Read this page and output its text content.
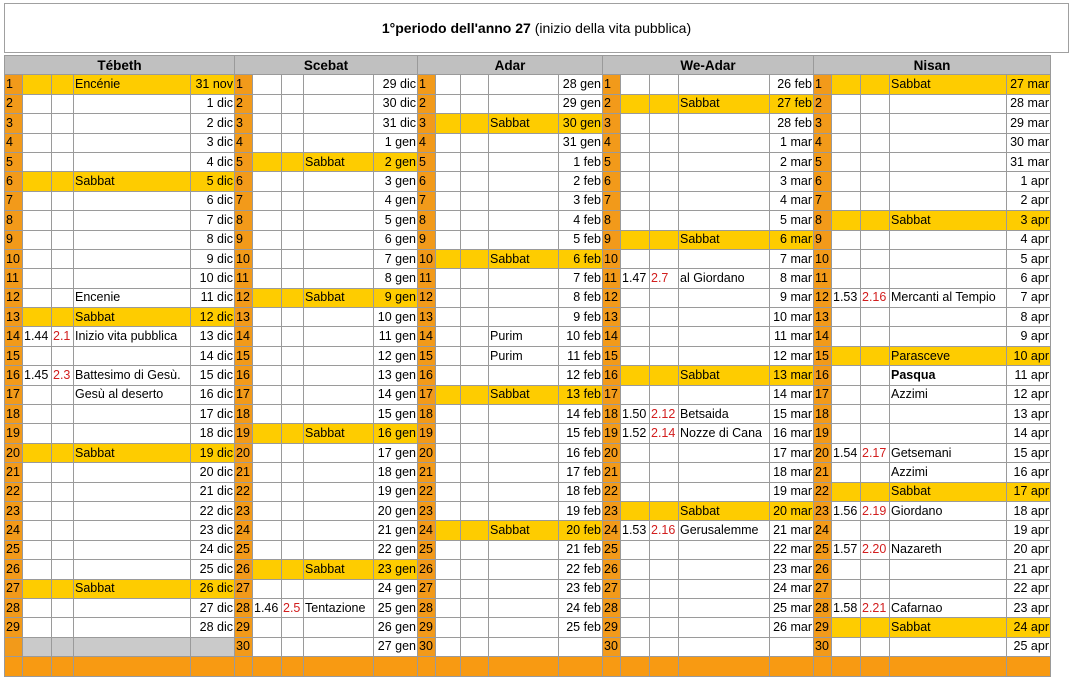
1°periodo dell'anno 27 (inizio della vita pubblica)
Tébeth					Scebat					Adar					We-Adar					Nisan				
1			Encénie	31 nov	1				29 dic	1				28 gen	1				26 feb	1			Sabbat	27 mar
2				1 dic	2				30 dic	2				29 gen	2			Sabbat	27 feb	2				28 mar
3				2 dic	3				31 dic	3			Sabbat	30 gen	3				28 feb	3				29 mar
4				3 dic	4				1 gen	4				31 gen	4				1 mar	4				30 mar
5				4 dic	5			Sabbat	2 gen	5				1 feb	5				2 mar	5				31 mar
6			Sabbat	5 dic	6				3 gen	6				2 feb	6				3 mar	6				1 apr
7				6 dic	7				4 gen	7				3 feb	7				4 mar	7				2 apr
8				7 dic	8				5 gen	8				4 feb	8				5 mar	8			Sabbat	3 apr
9				8 dic	9				6 gen	9				5 feb	9			Sabbat	6 mar	9				4 apr
10				9 dic	10				7 gen	10			Sabbat	6 feb	10				7 mar	10				5 apr
11				10 dic	11				8 gen	11				7 feb	11	1.47	2.7	al Giordano	8 mar	11				6 apr
12			Encenie	11 dic	12			Sabbat	9 gen	12				8 feb	12				9 mar	12	1.53	2.16	Mercanti al Tempio	7 apr
13			Sabbat	12 dic	13				10 gen	13				9 feb	13				10 mar	13				8 apr
14	1.44	2.1	Inizio vita pubblica	13 dic	14				11 gen	14			Purim	10 feb	14				11 mar	14				9 apr
15				14 dic	15				12 gen	15			Purim	11 feb	15				12 mar	15			Parasceve	10 apr
16	1.45	2.3	Battesimo di Gesù.	15 dic	16				13 gen	16				12 feb	16			Sabbat	13 mar	16			Pasqua	11 apr
17			Gesù al deserto	16 dic	17				14 gen	17			Sabbat	13 feb	17				14 mar	17			Azzimi	12 apr
18				17 dic	18				15 gen	18				14 feb	18	1.50	2.12	Betsaida	15 mar	18				13 apr
19				18 dic	19			Sabbat	16 gen	19				15 feb	19	1.52	2.14	Nozze di Cana	16 mar	19				14 apr
20			Sabbat	19 dic	20				17 gen	20				16 feb	20				17 mar	20	1.54	2.17	Getsemani	15 apr
21				20 dic	21				18 gen	21				17 feb	21				18 mar	21			Azzimi	16 apr
22				21 dic	22				19 gen	22				18 feb	22				19 mar	22			Sabbat	17 apr
23				22 dic	23				20 gen	23				19 feb	23			Sabbat	20 mar	23	1.56	2.19	Giordano	18 apr
24				23 dic	24				21 gen	24			Sabbat	20 feb	24	1.53	2.16	Gerusalemme	21 mar	24				19 apr
25				24 dic	25				22 gen	25				21 feb	25				22 mar	25	1.57	2.20	Nazareth	20 apr
26				25 dic	26			Sabbat	23 gen	26				22 feb	26				23 mar	26				21 apr
27			Sabbat	26 dic	27				24 gen	27				23 feb	27				24 mar	27				22 apr
28				27 dic	28	1.46	2.5	Tentazione	25 gen	28				24 feb	28				25 mar	28	1.58	2.21	Cafarnao	23 apr
29				28 dic	29				26 gen	29				25 feb	29				26 mar	29			Sabbat	24 apr
					30				27 gen	30					30					30				25 apr
